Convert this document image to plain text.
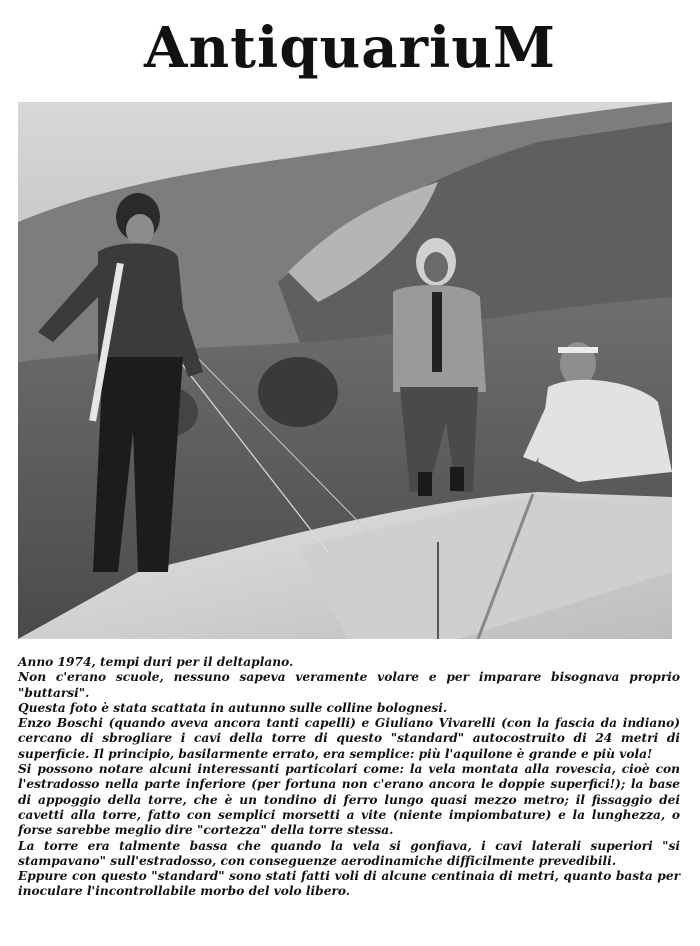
AntiquariuM

Anno 1974, tempi duri per il deltaplano.

Non c'erano scuole, nessuno sapeva veramente volare e per imparare bisognava proprio "buttarsi".

Questa foto è stata scattata in autunno sulle colline bolognesi.

Enzo Boschi (quando aveva ancora tanti capelli) e Giuliano Vivarelli (con la fascia da indiano) cercano di sbrogliare i cavi della torre di questo "standard" autocostruito di 24 metri di superficie. Il principio, basilarmente errato, era semplice: più l'aquilone è grande e più vola!

Si possono notare alcuni interessanti particolari come: la vela montata alla rovescia, cioè con l'estradosso nella parte inferiore (per fortuna non c'erano ancora le doppie superfici!); la base di appoggio della torre, che è un tondino di ferro lungo quasi mezzo metro; il fissaggio dei cavetti alla torre, fatto con semplici morsetti a vite (niente impiombature) e la lunghezza, o forse sarebbe meglio dire "cortezza" della torre stessa.

La torre era talmente bassa che quando la vela si gonfiava, i cavi laterali superiori "si stampavano" sull'estradosso, con conseguenze aerodinamiche difficilmente prevedibili.

Eppure con questo "standard" sono stati fatti voli di alcune centinaia di metri, quanto basta per inoculare l'incontrollabile morbo del volo libero.
